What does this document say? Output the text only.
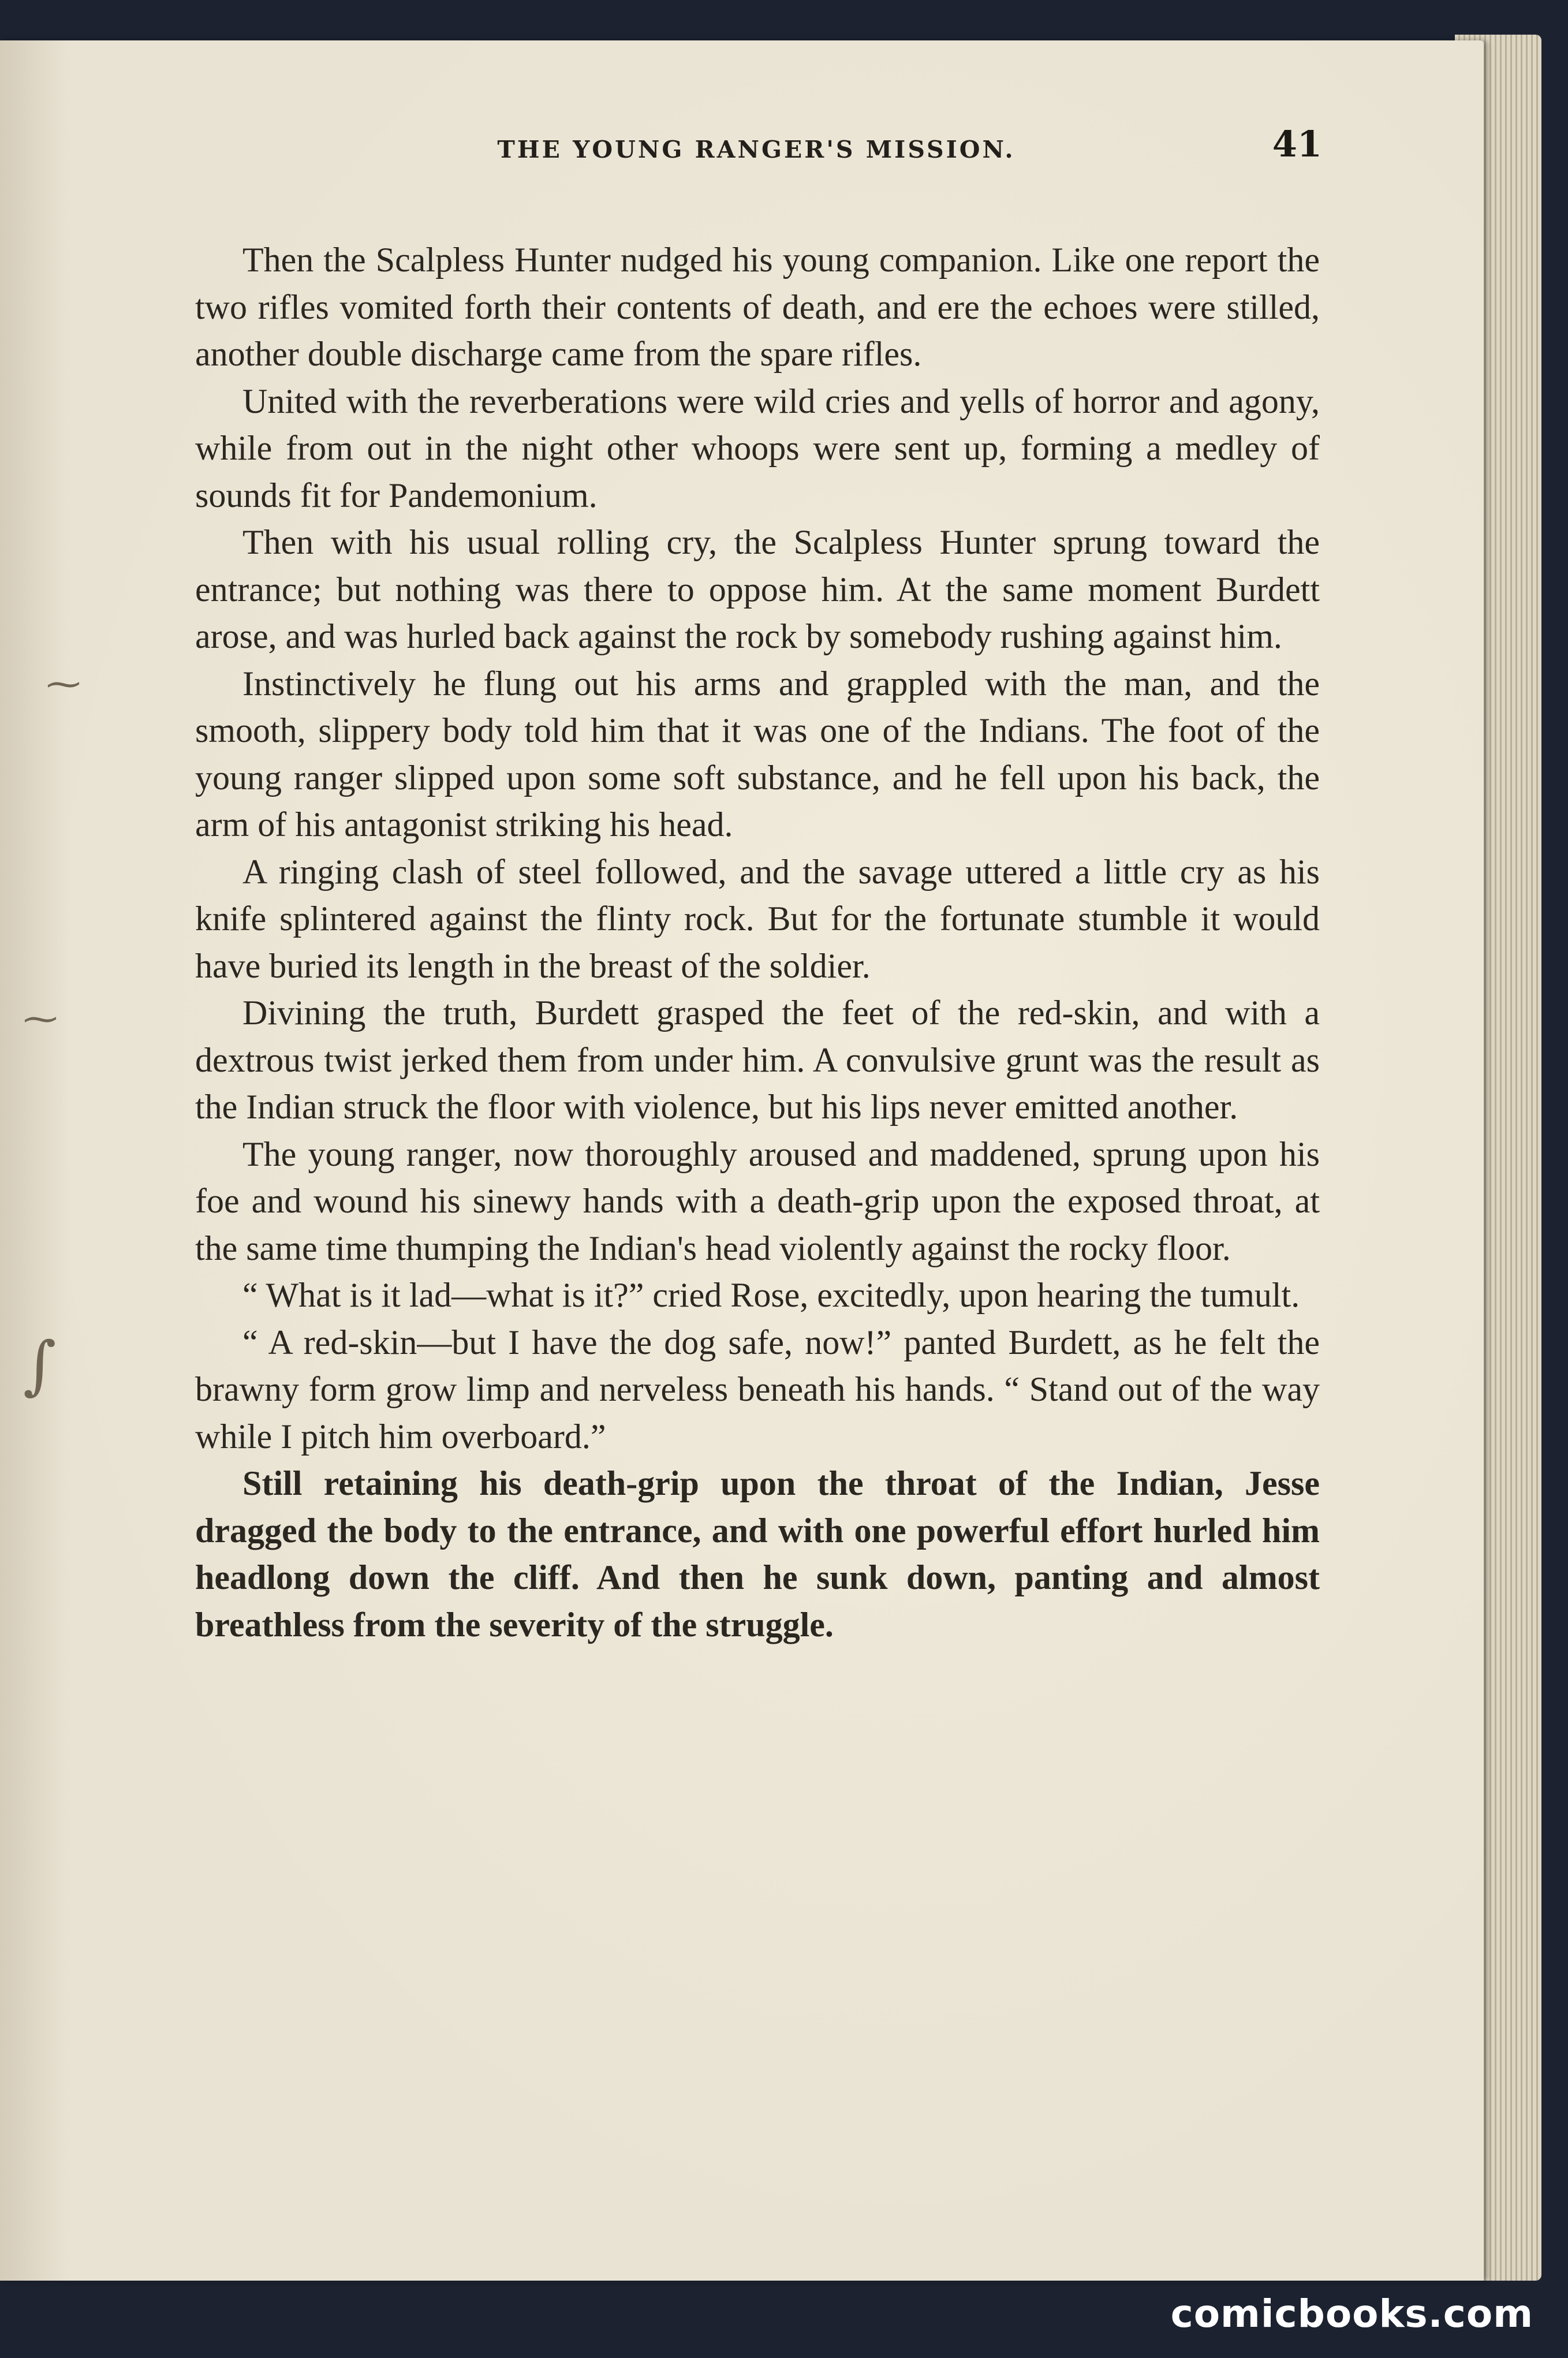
THE YOUNG RANGER'S MISSION.	41

Then the Scalpless Hunter nudged his young companion. Like one report the two rifles vomited forth their contents of death, and ere the echoes were stilled, another double discharge came from the spare rifles.

United with the reverberations were wild cries and yells of horror and agony, while from out in the night other whoops were sent up, forming a medley of sounds fit for Pandemonium.

Then with his usual rolling cry, the Scalpless Hunter sprung toward the entrance; but nothing was there to oppose him. At the same moment Burdett arose, and was hurled back against the rock by somebody rushing against him.

Instinctively he flung out his arms and grappled with the man, and the smooth, slippery body told him that it was one of the Indians. The foot of the young ranger slipped upon some soft substance, and he fell upon his back, the arm of his antagonist striking his head.

A ringing clash of steel followed, and the savage uttered a little cry as his knife splintered against the flinty rock. But for the fortunate stumble it would have buried its length in the breast of the soldier.

Divining the truth, Burdett grasped the feet of the red-skin, and with a dextrous twist jerked them from under him. A convulsive grunt was the result as the Indian struck the floor with violence, but his lips never emitted another.

The young ranger, now thoroughly aroused and maddened, sprung upon his foe and wound his sinewy hands with a death-grip upon the exposed throat, at the same time thumping the Indian's head violently against the rocky floor.

“ What is it lad—what is it?” cried Rose, excitedly, upon hearing the tumult.

“ A red-skin—but I have the dog safe, now!” panted Burdett, as he felt the brawny form grow limp and nerveless beneath his hands. “ Stand out of the way while I pitch him overboard.”

Still retaining his death-grip upon the throat of the Indian, Jesse dragged the body to the entrance, and with one powerful effort hurled him headlong down the cliff. And then he sunk down, panting and almost breathless from the severity of the struggle.

⁓
⁓
∫
comicbooks.com
